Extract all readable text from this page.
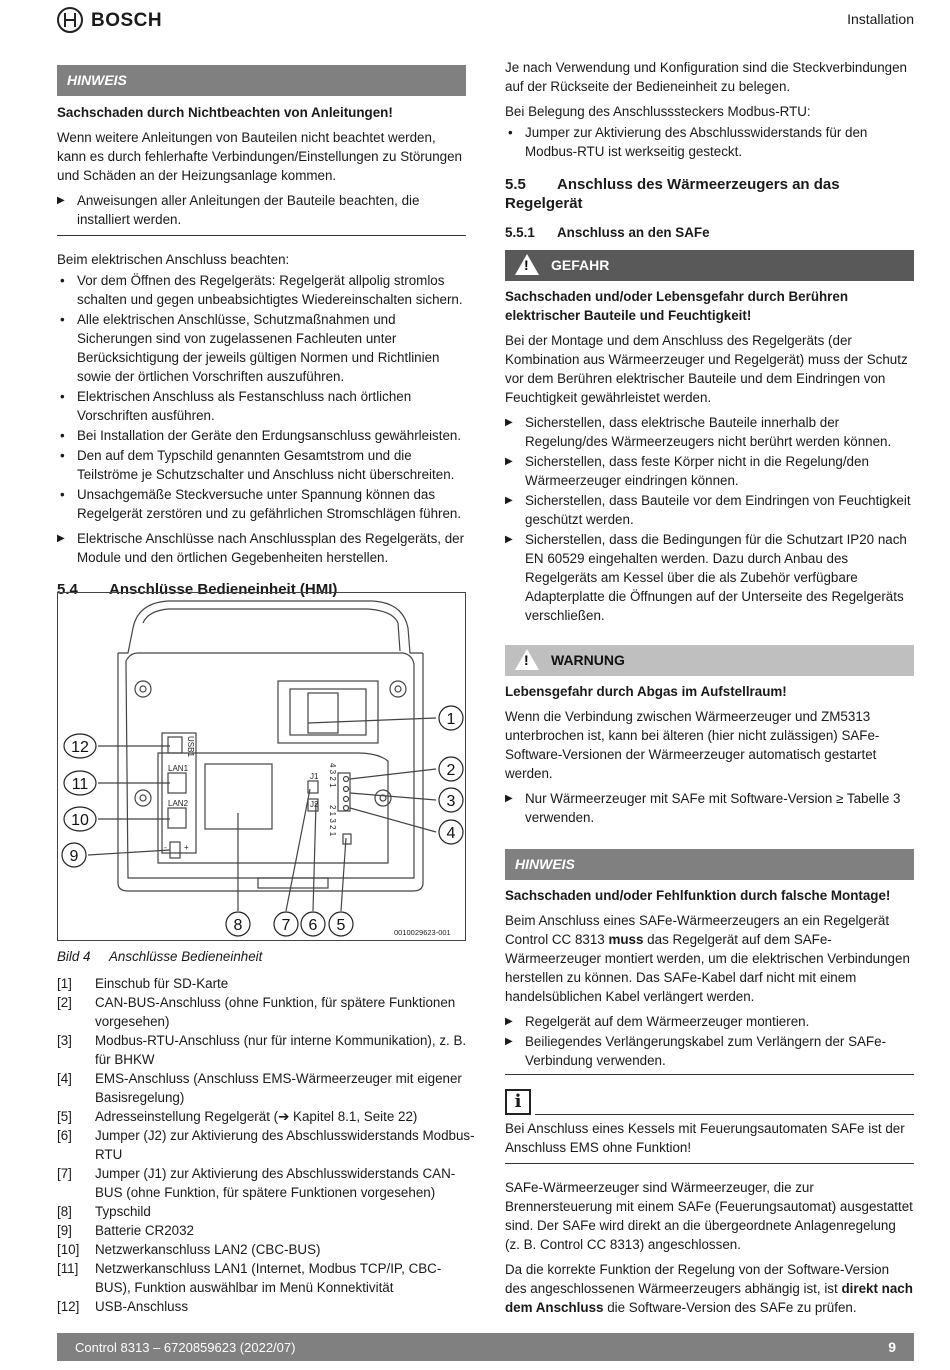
BOSCH	Installation
HINWEIS
Sachschaden durch Nichtbeachten von Anleitungen!

Wenn weitere Anleitungen von Bauteilen nicht beachtet werden, kann es durch fehlerhafte Verbindungen/Einstellungen zu Störungen und Schäden an der Heizungsanlage kommen.

▶ Anweisungen aller Anleitungen der Bauteile beachten, die installiert werden.

Beim elektrischen Anschluss beachten:

• Vor dem Öffnen des Regelgeräts: Regelgerät allpolig stromlos schalten und gegen unbeabsichtigtes Wiedereinschalten sichern.
• Alle elektrischen Anschlüsse, Schutzmaßnahmen und Sicherungen sind von zugelassenen Fachleuten unter Berücksichtigung der jeweils gültigen Normen und Richtlinien sowie der örtlichen Vorschriften auszuführen.
• Elektrischen Anschluss als Festanschluss nach örtlichen Vorschriften ausführen.
• Bei Installation der Geräte den Erdungsanschluss gewährleisten.
• Den auf dem Typschild genannten Gesamtstrom und die Teilströme je Schutzschalter und Anschluss nicht überschreiten.
• Unsachgemäße Steckversuche unter Spannung können das Regelgerät zerstören und zu gefährlichen Stromschlägen führen.
▶ Elektrische Anschlüsse nach Anschlussplan des Regelgeräts, der Module und den örtlichen Gegebenheiten herstellen.
5.4 Anschlüsse Bedieneinheit (HMI)
USB1
LAN1
LAN2
J1
J2
4 3 2 1
2 1 3 2 1
- +
0010029623-001
1
2
3
4
5
6
7
8
9
10
11
12
Bild 4 Anschlüsse Bedieneinheit
[1]	Einschub für SD-Karte
[2]	CAN-BUS-Anschluss (ohne Funktion, für spätere Funktionen vorgesehen)
[3]	Modbus-RTU-Anschluss (nur für interne Kommunikation), z. B. für BHKW
[4]	EMS-Anschluss (Anschluss EMS-Wärmeerzeuger mit eigener Basisregelung)
[5]	Adresseinstellung Regelgerät (➔ Kapitel 8.1, Seite 22)
[6]	Jumper (J2) zur Aktivierung des Abschlusswiderstands Modbus-RTU
[7]	Jumper (J1) zur Aktivierung des Abschlusswiderstands CAN-BUS (ohne Funktion, für spätere Funktionen vorgesehen)
[8]	Typschild
[9]	Batterie CR2032
[10]	Netzwerkanschluss LAN2 (CBC-BUS)
[11]	Netzwerkanschluss LAN1 (Internet, Modbus TCP/IP, CBC-BUS), Funktion auswählbar im Menü Konnektivität
[12]	USB-Anschluss

Je nach Verwendung und Konfiguration sind die Steckverbindungen auf der Rückseite der Bedieneinheit zu belegen.

Bei Belegung des Anschlusssteckers Modbus-RTU:

• Jumper zur Aktivierung des Abschlusswiderstands für den Modbus-RTU ist werkseitig gesteckt.
5.5 Anschluss des Wärmeerzeugers an das Regelgerät
5.5.1 Anschluss an den SAFe
! GEFAHR
Sachschaden und/oder Lebensgefahr durch Berühren elektrischer Bauteile und Feuchtigkeit!

Bei der Montage und dem Anschluss des Regelgeräts (der Kombination aus Wärmeerzeuger und Regelgerät) muss der Schutz vor dem Berühren elektrischer Bauteile und dem Eindringen von Feuchtigkeit gewährleistet werden.

▶ Sicherstellen, dass elektrische Bauteile innerhalb der Regelung/des Wärmeerzeugers nicht berührt werden können.
▶ Sicherstellen, dass feste Körper nicht in die Regelung/den Wärmeerzeuger eindringen können.
▶ Sicherstellen, dass Bauteile vor dem Eindringen von Feuchtigkeit geschützt werden.
▶ Sicherstellen, dass die Bedingungen für die Schutzart IP20 nach EN 60529 eingehalten werden. Dazu durch Anbau des Regelgeräts am Kessel über die als Zubehör verfügbare Adapterplatte die Öffnungen auf der Unterseite des Regelgeräts verschließen.
! WARNUNG
Lebensgefahr durch Abgas im Aufstellraum!

Wenn die Verbindung zwischen Wärmeerzeuger und ZM5313 unterbrochen ist, kann bei älteren (hier nicht zulässigen) SAFe- Software-Versionen der Wärmeerzeuger automatisch gestartet werden.

▶ Nur Wärmeerzeuger mit SAFe mit Software-Version ≥ Tabelle 3 verwenden.
HINWEIS
Sachschaden und/oder Fehlfunktion durch falsche Montage!

Beim Anschluss eines SAFe-Wärmeerzeugers an ein Regelgerät Control CC 8313 muss das Regelgerät auf dem SAFe-Wärmeerzeuger montiert werden, um die elektrischen Verbindungen herstellen zu können. Das SAFe-Kabel darf nicht mit einem handelsüblichen Kabel verlängert werden.

▶ Regelgerät auf dem Wärmeerzeuger montieren.
▶ Beiliegendes Verlängerungskabel zum Verlängern der SAFe-Verbindung verwenden.
i

Bei Anschluss eines Kessels mit Feuerungsautomaten SAFe ist der Anschluss EMS ohne Funktion!

SAFe-Wärmeerzeuger sind Wärmeerzeuger, die zur Brennersteuerung mit einem SAFe (Feuerungsautomat) ausgestattet sind. Der SAFe wird direkt an die übergeordnete Anlagenregelung (z. B. Control CC 8313) angeschlossen.

Da die korrekte Funktion der Regelung von der Software-Version des angeschlossenen Wärmeerzeugers abhängig ist, ist direkt nach dem Anschluss die Software-Version des SAFe zu prüfen.

Control 8313 – 6720859623 (2022/07)	9
